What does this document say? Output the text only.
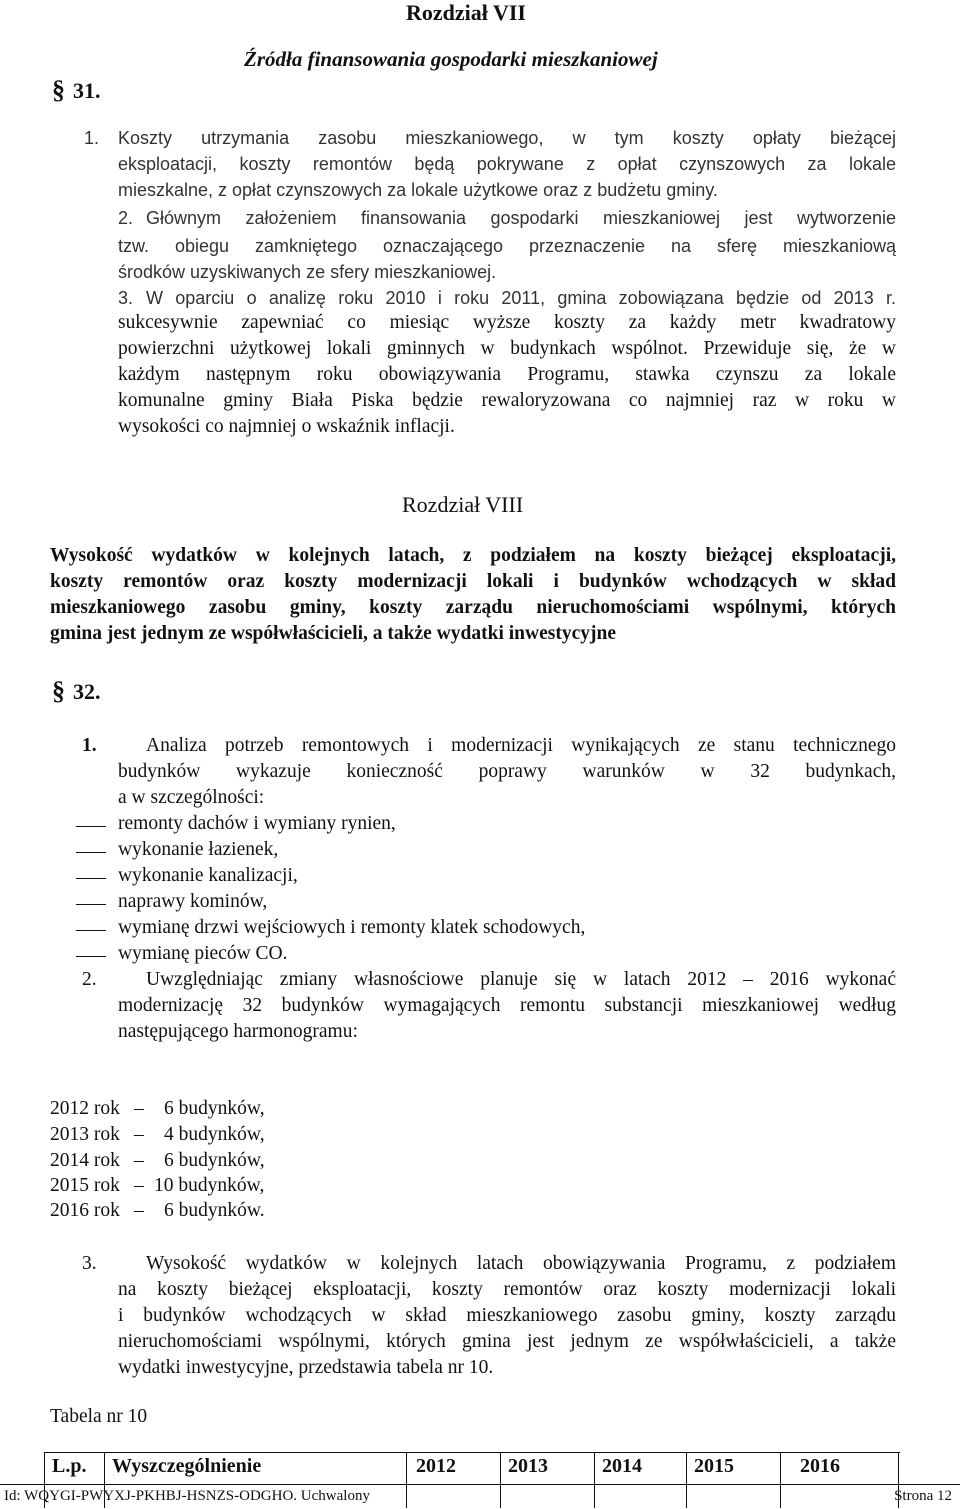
Rozdział VII
Źródła finansowania gospodarki mieszkaniowej
§ 31.
1. Koszty utrzymania zasobu mieszkaniowego, w tym koszty opłaty bieżącej
eksploatacji, koszty remontów będą pokrywane z opłat czynszowych za lokale
mieszkalne, z opłat czynszowych za lokale użytkowe oraz z budżetu gminy.
2. Głównym założeniem finansowania gospodarki mieszkaniowej jest wytworzenie
tzw. obiegu zamkniętego oznaczającego przeznaczenie na sferę mieszkaniową
środków uzyskiwanych ze sfery mieszkaniowej.
3. W oparciu o analizę roku 2010 i roku 2011, gmina zobowiązana będzie od 2013 r.
sukcesywnie zapewniać co miesiąc wyższe koszty za każdy metr kwadratowy
powierzchni użytkowej lokali gminnych w budynkach wspólnot. Przewiduje się, że w
każdym następnym roku obowiązywania Programu, stawka czynszu za lokale
komunalne gminy Biała Piska będzie rewaloryzowana co najmniej raz w roku w
wysokości co najmniej o wskaźnik inflacji.
Rozdział VIII
Wysokość wydatków w kolejnych latach, z podziałem na koszty bieżącej eksploatacji,
koszty remontów oraz koszty modernizacji lokali i budynków wchodzących w skład
mieszkaniowego zasobu gminy, koszty zarządu nieruchomościami wspólnymi, których
gmina jest jednym ze współwłaścicieli, a także wydatki inwestycyjne
§ 32.
1.	Analiza potrzeb remontowych i modernizacji wynikających ze stanu technicznego
budynków wykazuje konieczność poprawy warunków w 32 budynkach,
a w szczególności:
remonty dachów i wymiany rynien,
wykonanie łazienek,
wykonanie kanalizacji,
naprawy kominów,
wymianę drzwi wejściowych i remonty klatek schodowych,
wymianę pieców CO.
2.	Uwzględniając zmiany własnościowe planuje się w latach 2012 – 2016 wykonać
modernizację 32 budynków wymagających remontu substancji mieszkaniowej według
następującego harmonogramu:
2012 rok – 6 budynków,
2013 rok – 4 budynków,
2014 rok – 6 budynków,
2015 rok – 10 budynków,
2016 rok – 6 budynków.
3.	Wysokość wydatków w kolejnych latach obowiązywania Programu, z podziałem
na koszty bieżącej eksploatacji, koszty remontów oraz koszty modernizacji lokali
i budynków wchodzących w skład mieszkaniowego zasobu gminy, koszty zarządu
nieruchomościami wspólnymi, których gmina jest jednym ze współwłaścicieli, a także
wydatki inwestycyjne, przedstawia tabela nr 10.
Tabela nr 10
L.p. Wyszczególnienie	2012	2013	2014	2015	2016
Id: WQYGI-PWYXJ-PKHBJ-HSNZS-ODGHO. Uchwalony	Strona 12
